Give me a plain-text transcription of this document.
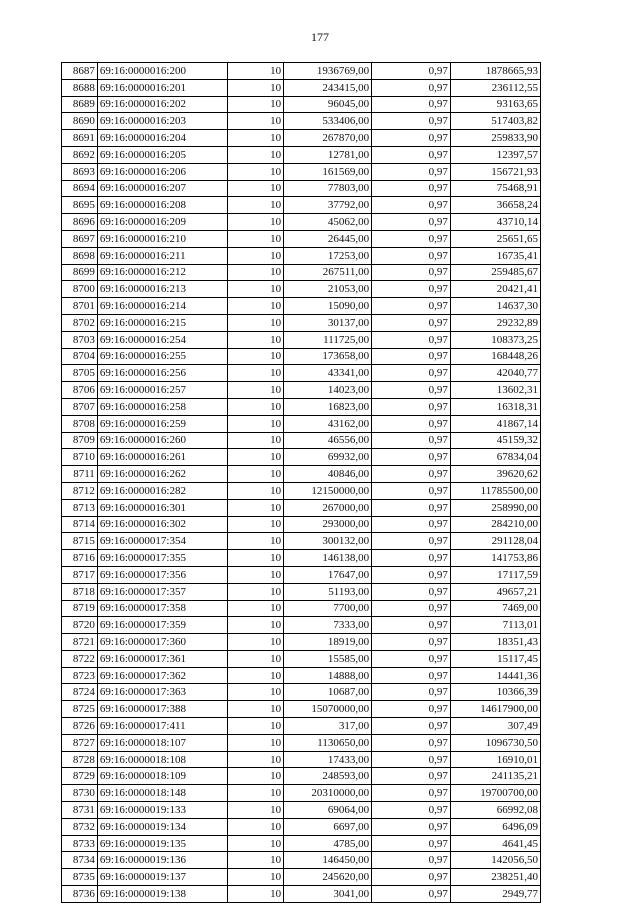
177
8687	69:16:0000016:200	10	1936769,00	0,97	1878665,93
8688	69:16:0000016:201	10	243415,00	0,97	236112,55
8689	69:16:0000016:202	10	96045,00	0,97	93163,65
8690	69:16:0000016:203	10	533406,00	0,97	517403,82
8691	69:16:0000016:204	10	267870,00	0,97	259833,90
8692	69:16:0000016:205	10	12781,00	0,97	12397,57
8693	69:16:0000016:206	10	161569,00	0,97	156721,93
8694	69:16:0000016:207	10	77803,00	0,97	75468,91
8695	69:16:0000016:208	10	37792,00	0,97	36658,24
8696	69:16:0000016:209	10	45062,00	0,97	43710,14
8697	69:16:0000016:210	10	26445,00	0,97	25651,65
8698	69:16:0000016:211	10	17253,00	0,97	16735,41
8699	69:16:0000016:212	10	267511,00	0,97	259485,67
8700	69:16:0000016:213	10	21053,00	0,97	20421,41
8701	69:16:0000016:214	10	15090,00	0,97	14637,30
8702	69:16:0000016:215	10	30137,00	0,97	29232,89
8703	69:16:0000016:254	10	111725,00	0,97	108373,25
8704	69:16:0000016:255	10	173658,00	0,97	168448,26
8705	69:16:0000016:256	10	43341,00	0,97	42040,77
8706	69:16:0000016:257	10	14023,00	0,97	13602,31
8707	69:16:0000016:258	10	16823,00	0,97	16318,31
8708	69:16:0000016:259	10	43162,00	0,97	41867,14
8709	69:16:0000016:260	10	46556,00	0,97	45159,32
8710	69:16:0000016:261	10	69932,00	0,97	67834,04
8711	69:16:0000016:262	10	40846,00	0,97	39620,62
8712	69:16:0000016:282	10	12150000,00	0,97	11785500,00
8713	69:16:0000016:301	10	267000,00	0,97	258990,00
8714	69:16:0000016:302	10	293000,00	0,97	284210,00
8715	69:16:0000017:354	10	300132,00	0,97	291128,04
8716	69:16:0000017:355	10	146138,00	0,97	141753,86
8717	69:16:0000017:356	10	17647,00	0,97	17117,59
8718	69:16:0000017:357	10	51193,00	0,97	49657,21
8719	69:16:0000017:358	10	7700,00	0,97	7469,00
8720	69:16:0000017:359	10	7333,00	0,97	7113,01
8721	69:16:0000017:360	10	18919,00	0,97	18351,43
8722	69:16:0000017:361	10	15585,00	0,97	15117,45
8723	69:16:0000017:362	10	14888,00	0,97	14441,36
8724	69:16:0000017:363	10	10687,00	0,97	10366,39
8725	69:16:0000017:388	10	15070000,00	0,97	14617900,00
8726	69:16:0000017:411	10	317,00	0,97	307,49
8727	69:16:0000018:107	10	1130650,00	0,97	1096730,50
8728	69:16:0000018:108	10	17433,00	0,97	16910,01
8729	69:16:0000018:109	10	248593,00	0,97	241135,21
8730	69:16:0000018:148	10	20310000,00	0,97	19700700,00
8731	69:16:0000019:133	10	69064,00	0,97	66992,08
8732	69:16:0000019:134	10	6697,00	0,97	6496,09
8733	69:16:0000019:135	10	4785,00	0,97	4641,45
8734	69:16:0000019:136	10	146450,00	0,97	142056,50
8735	69:16:0000019:137	10	245620,00	0,97	238251,40
8736	69:16:0000019:138	10	3041,00	0,97	2949,77
